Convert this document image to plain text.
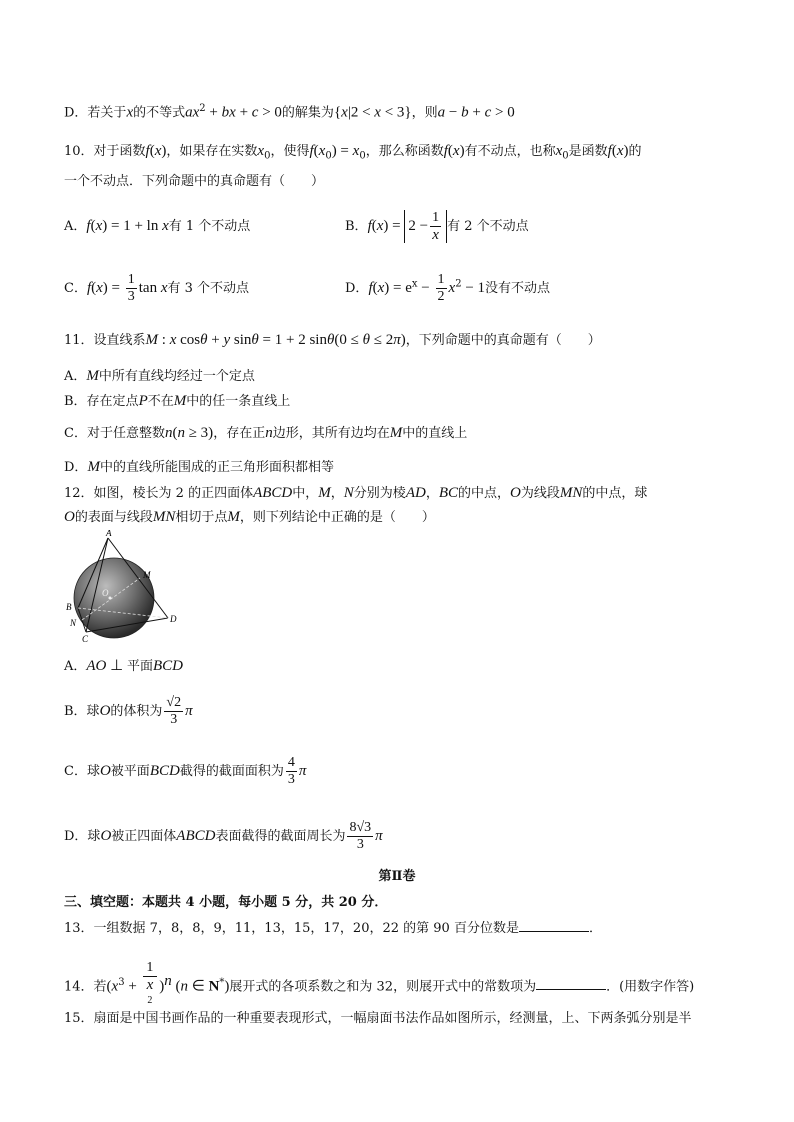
D．若关于x的不等式$ax^2$ + bx + c > 0的解集为{x|2 < x < 3}，则a − b + c > 0
10．对于函数f(x)，如果存在实数$x_0$，使得$f(x_0) = x_0$，那么称函数f(x)有不动点，也称$x_0$是函数f(x)的
一个不动点．下列命题中的真命题有（　　）
A．f(x) = 1 + ln x有 1 个不动点	B．$f(x) = 2 - \frac{1}{x}$ 有 2 个不动点
C．$f(x) = \frac{1}{3}$ tan x有 3 个不动点	D．$f(x) = e^x - \frac{1}{2} x^2 - 1$没有不动点
11．设直线系M : x cosθ + y sinθ = 1 + 2 sinθ(0 ≤ θ ≤ 2π)，下列命题中的真命题有（　　）
A．M中所有直线均经过一个定点
B．存在定点P不在M中的任一条直线上
C．对于任意整数n(n ≥ 3)，存在正n边形，其所有边均在M中的直线上
D．M中的直线所能围成的正三角形面积都相等
12．如图，棱长为 2 的正四面体ABCD中，M，N分别为棱AD，BC的中点，O为线段MN的中点，球
O的表面与线段MN相切于点M，则下列结论中正确的是（　　）
A
M
O
B
N
C
D
A．AO ⊥ 平面BCD
B．球O的体积为 $\frac{√2}{3}$ π
C．球O被平面BCD截得的截面面积为 $\frac{4}{3}$ π
D．球O被正四面体ABCD表面截得的截面周长为 $\frac{8√3}{3}$ π
第Ⅱ卷
三、填空题：本题共 4 小题，每小题 5 分，共 20 分．
13．一组数据 7，8，8，9，11，13，15，17，20，22 的第 90 百分位数是	．
14．若($x^3 + 1$
x
$^2$ )$^n$ (n ∈ N*)展开式的各项系数之和为 32，则展开式中的常数项为	．(用数字作答)
15．扇面是中国书画作品的一种重要表现形式，一幅扇面书法作品如图所示，经测量，上、下两条弧分别是半
